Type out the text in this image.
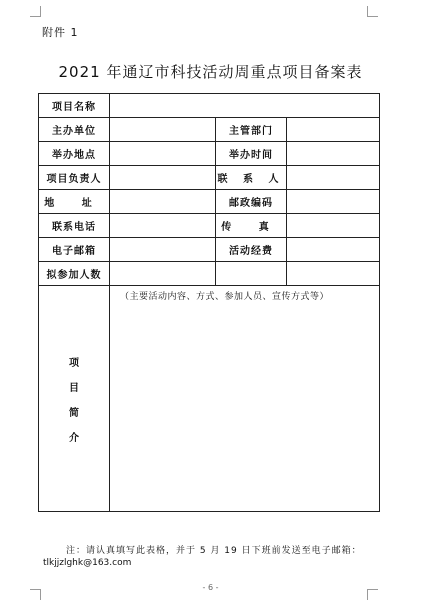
附件 1
2021 年通辽市科技活动周重点项目备案表
项目名称			
主办单位		主管部门	
举办地点		举办时间	
项目负责人		联 系 人	
地 址		邮政编码	
联系电话		传 真	
电子邮箱		活动经费	
拟参加人数			

项
目
简
介	（主要活动内容、方式、参加人员、宣传方式等）		
注：请认真填写此表格，并于 5 月 19 日下班前发送至电子邮箱：
tlkjjzlghk@163.com
- 6 -
